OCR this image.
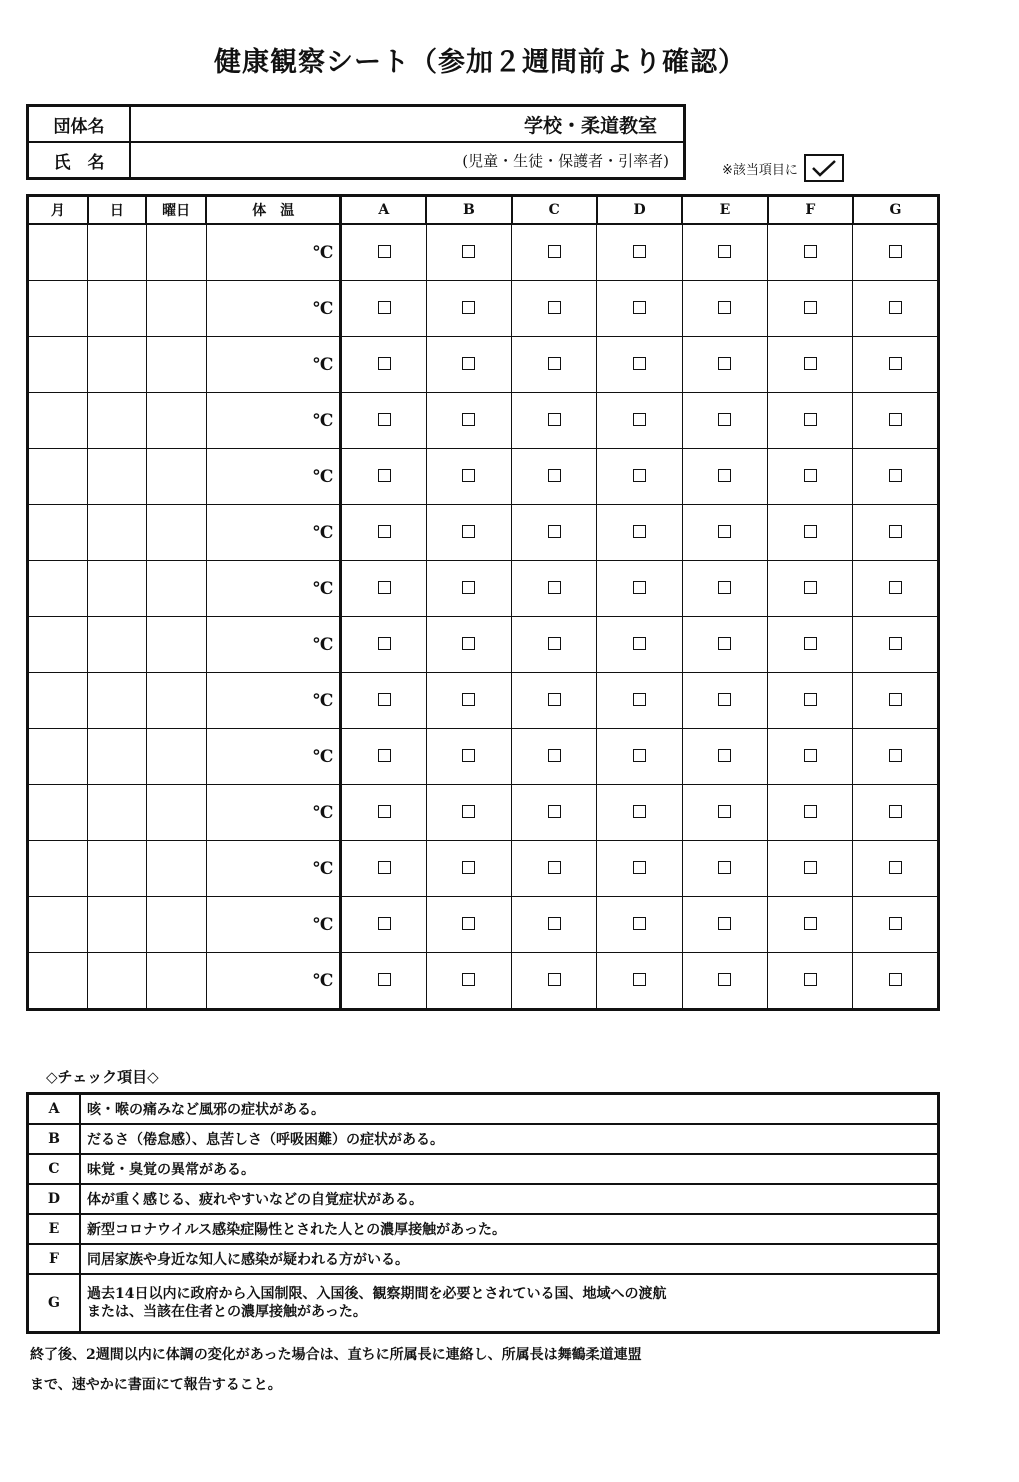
健康観察シート（参加２週間前より確認）
団体名	学校・柔道教室
氏　名	(児童・生徒・保護者・引率者)
※該当項目に
月	日	曜日	体　温	A	B	C	D	E	F	G
			℃							
			℃							
			℃							
			℃							
			℃							
			℃							
			℃							
			℃							
			℃							
			℃							
			℃							
			℃							
			℃							
			℃							
◇チェック項目◇
A	咳・喉の痛みなど風邪の症状がある。
B	だるさ（倦怠感）、息苦しさ（呼吸困難）の症状がある。
C	味覚・臭覚の異常がある。
D	体が重く感じる、疲れやすいなどの自覚症状がある。
E	新型コロナウイルス感染症陽性とされた人との濃厚接触があった。
F	同居家族や身近な知人に感染が疑われる方がいる。
G	過去14日以内に政府から入国制限、入国後、観察期間を必要とされている国、地域への渡航
または、当該在住者との濃厚接触があった。
終了後、2週間以内に体調の変化があった場合は、直ちに所属長に連絡し、所属長は舞鶴柔道連盟
まで、速やかに書面にて報告すること。
